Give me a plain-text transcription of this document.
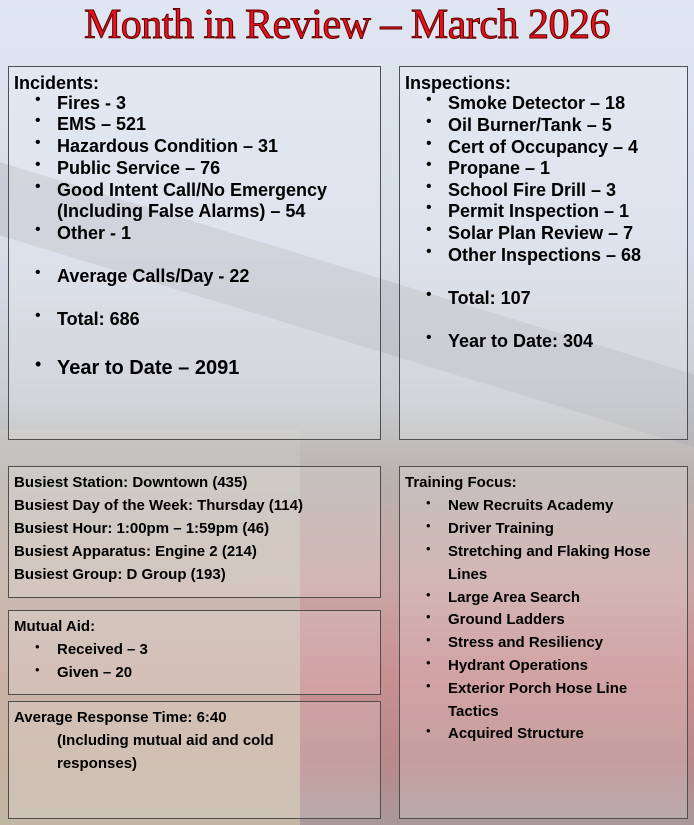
Month in Review – March 2026
Incidents:
Fires - 3
•
EMS – 521
•
Hazardous Condition – 31
•
Public Service – 76
•
Good Intent Call/No Emergency
•
Other - 1
•
Average Calls/Day - 22
•
Total: 686
•
Year to Date – 2091
•
(Including False Alarms) – 54
Inspections:
Smoke Detector – 18
•
Oil Burner/Tank – 5
•
Cert of Occupancy – 4
•
Propane – 1
•
School Fire Drill – 3
•
Permit Inspection – 1
•
Solar Plan Review – 7
•
Other Inspections – 68
•
Total: 107
•
Year to Date: 304
•
Busiest Station: Downtown (435)
Busiest Day of the Week: Thursday (114)
Busiest Hour: 1:00pm – 1:59pm (46)
Busiest Apparatus: Engine 2 (214)
Busiest Group: D Group (193)
Mutual Aid:
Received – 3
•
Given – 20
•
Average Response Time: 6:40
(Including mutual aid and cold
responses)
Training Focus:
New Recruits Academy
•
Driver Training
•
Stretching and Flaking Hose
•
Large Area Search
•
Ground Ladders
•
Stress and Resiliency
•
Hydrant Operations
•
Exterior Porch Hose Line
•
Acquired Structure
•
Lines
Tactics
